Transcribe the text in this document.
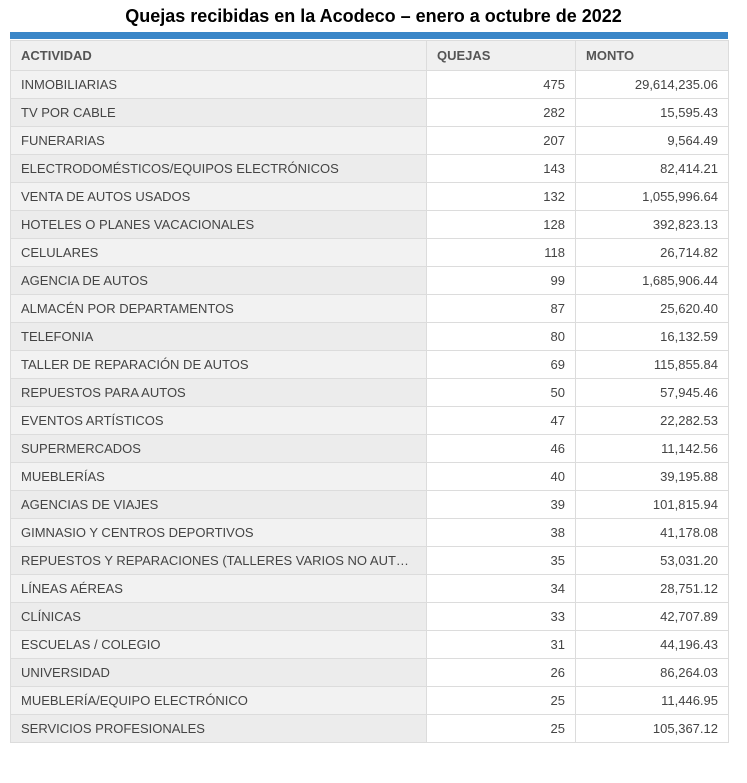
Quejas recibidas en la Acodeco – enero a octubre de 2022
ACTIVIDAD	QUEJAS	MONTO
INMOBILIARIAS	475	29,614,235.06
TV POR CABLE	282	15,595.43
FUNERARIAS	207	9,564.49
ELECTRODOMÉSTICOS/EQUIPOS ELECTRÓNICOS	143	82,414.21
VENTA DE AUTOS USADOS	132	1,055,996.64
HOTELES O PLANES VACACIONALES	128	392,823.13
CELULARES	118	26,714.82
AGENCIA DE AUTOS	99	1,685,906.44
ALMACÉN POR DEPARTAMENTOS	87	25,620.40
TELEFONIA	80	16,132.59
TALLER DE REPARACIÓN DE AUTOS	69	115,855.84
REPUESTOS PARA AUTOS	50	57,945.46
EVENTOS ARTÍSTICOS	47	22,282.53
SUPERMERCADOS	46	11,142.56
MUEBLERÍAS	40	39,195.88
AGENCIAS DE VIAJES	39	101,815.94
GIMNASIO Y CENTROS DEPORTIVOS	38	41,178.08
REPUESTOS Y REPARACIONES (TALLERES VARIOS NO AUT…	35	53,031.20
LÍNEAS AÉREAS	34	28,751.12
CLÍNICAS	33	42,707.89
ESCUELAS / COLEGIO	31	44,196.43
UNIVERSIDAD	26	86,264.03
MUEBLERÍA/EQUIPO ELECTRÓNICO	25	11,446.95
SERVICIOS PROFESIONALES	25	105,367.12
